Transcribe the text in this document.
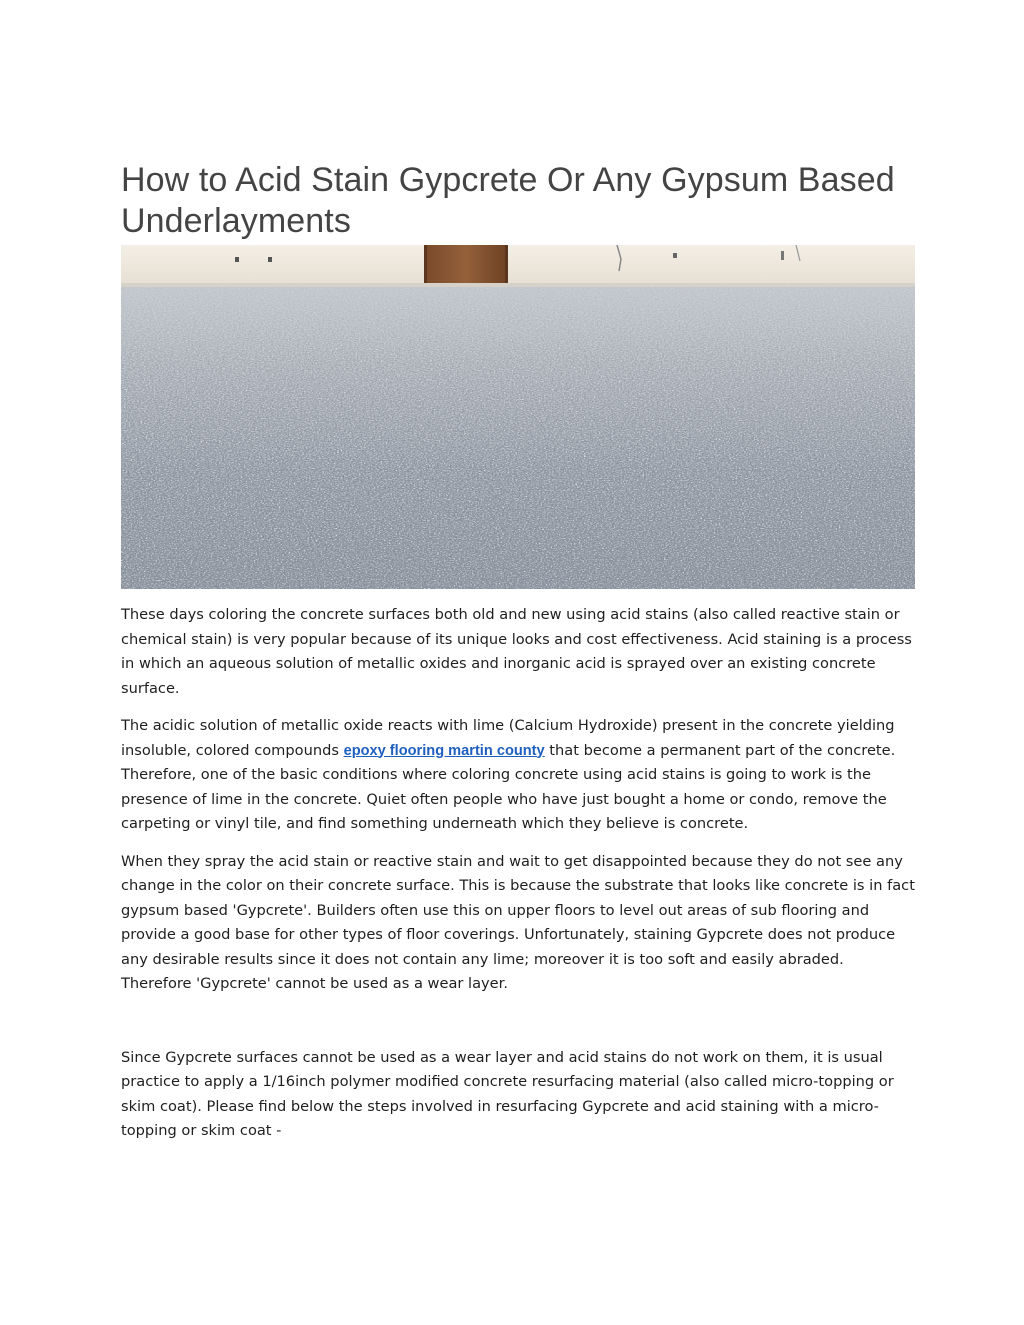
How to Acid Stain Gypcrete Or Any Gypsum Based Underlayments

These days coloring the concrete surfaces both old and new using acid stains (also called reactive stain or chemical stain) is very popular because of its unique looks and cost effectiveness. Acid staining is a process in which an aqueous solution of metallic oxides and inorganic acid is sprayed over an existing concrete surface.

The acidic solution of metallic oxide reacts with lime (Calcium Hydroxide) present in the concrete yielding insoluble, colored compounds epoxy flooring martin county that become a permanent part of the concrete. Therefore, one of the basic conditions where coloring concrete using acid stains is going to work is the presence of lime in the concrete. Quiet often people who have just bought a home or condo, remove the carpeting or vinyl tile, and find something underneath which they believe is concrete.

When they spray the acid stain or reactive stain and wait to get disappointed because they do not see any change in the color on their concrete surface. This is because the substrate that looks like concrete is in fact gypsum based 'Gypcrete'. Builders often use this on upper floors to level out areas of sub flooring and provide a good base for other types of floor coverings. Unfortunately, staining Gypcrete does not produce any desirable results since it does not contain any lime; moreover it is too soft and easily abraded. Therefore 'Gypcrete' cannot be used as a wear layer.

Since Gypcrete surfaces cannot be used as a wear layer and acid stains do not work on them, it is usual practice to apply a 1/16inch polymer modified concrete resurfacing material (also called micro-topping or skim coat). Please find below the steps involved in resurfacing Gypcrete and acid staining with a micro-topping or skim coat -
